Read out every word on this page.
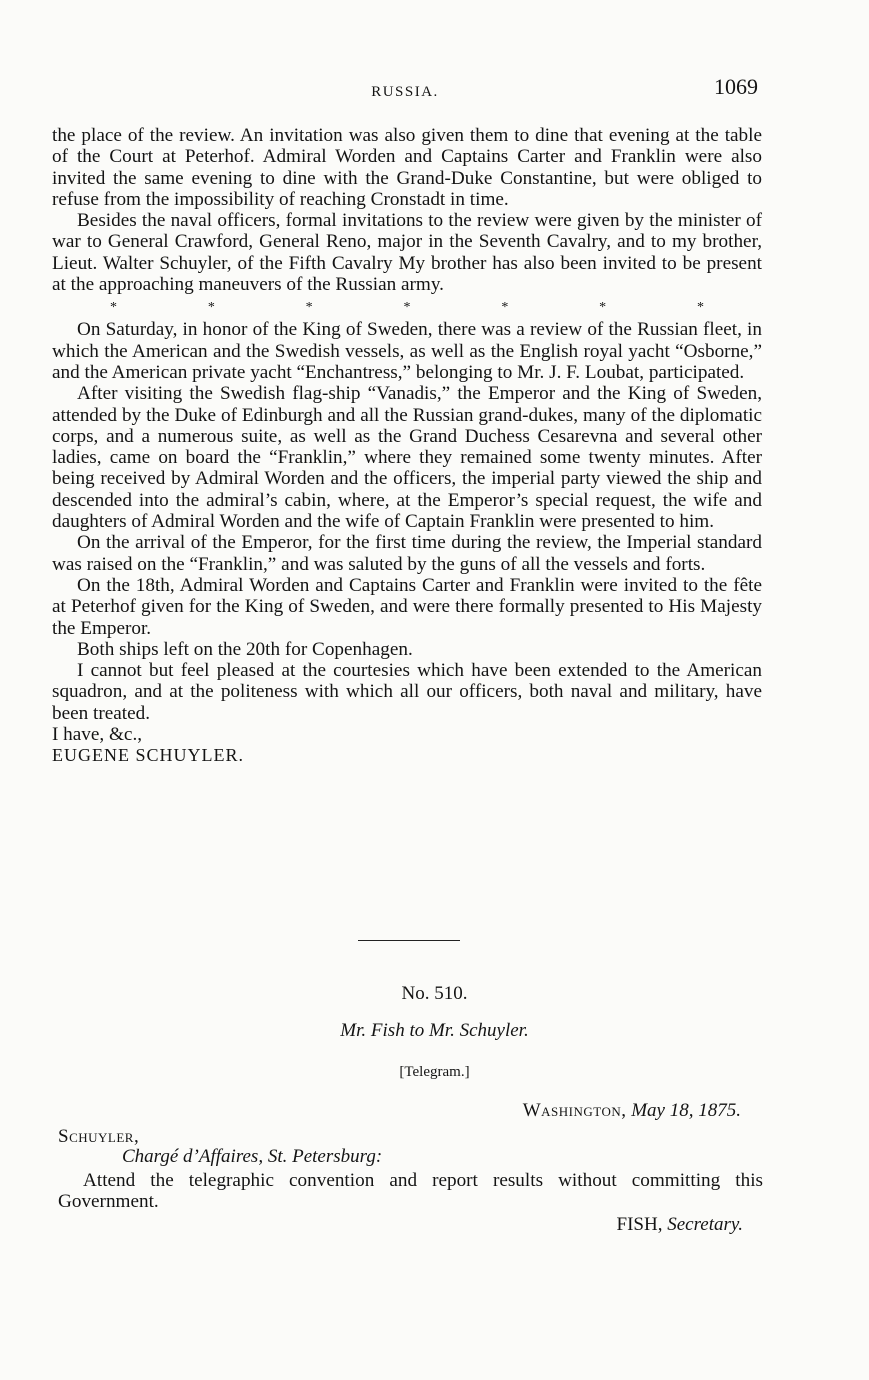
RUSSIA.	1069

the place of the review. An invitation was also given them to dine that evening at the table of the Court at Peterhof. Admiral Worden and Captains Carter and Franklin were also invited the same evening to dine with the Grand-Duke Constantine, but were obliged to refuse from the impossibility of reaching Cronstadt in time.

Besides the naval officers, formal invitations to the review were given by the minister of war to General Crawford, General Reno, major in the Seventh Cavalry, and to my brother, Lieut. Walter Schuyler, of the Fifth Cavalry My brother has also been invited to be present at the approaching maneuvers of the Russian army.

*	*	*	*	*	*	*

On Saturday, in honor of the King of Sweden, there was a review of the Russian fleet, in which the American and the Swedish vessels, as well as the English royal yacht “Osborne,” and the American private yacht “Enchantress,” belonging to Mr. J. F. Loubat, participated.

After visiting the Swedish flag-ship “Vanadis,” the Emperor and the King of Sweden, attended by the Duke of Edinburgh and all the Russian grand-dukes, many of the diplomatic corps, and a numerous suite, as well as the Grand Duchess Cesarevna and several other ladies, came on board the “Franklin,” where they remained some twenty minutes. After being received by Admiral Worden and the officers, the imperial party viewed the ship and descended into the admiral’s cabin, where, at the Emperor’s special request, the wife and daughters of Admiral Worden and the wife of Captain Franklin were presented to him.

On the arrival of the Emperor, for the first time during the review, the Imperial standard was raised on the “Franklin,” and was saluted by the guns of all the vessels and forts.

On the 18th, Admiral Worden and Captains Carter and Franklin were invited to the fête at Peterhof given for the King of Sweden, and were there formally presented to His Majesty the Emperor.

Both ships left on the 20th for Copenhagen.

I cannot but feel pleased at the courtesies which have been extended to the American squadron, and at the politeness with which all our officers, both naval and military, have been treated.

I have, &c.,

EUGENE SCHUYLER.

No. 510.
Mr. Fish to Mr. Schuyler.
[Telegram.]
Washington, May 18, 1875.
Schuyler,
Chargé d’Affaires, St. Petersburg:

Attend the telegraphic convention and report results without committing this Government.

FISH, Secretary.
